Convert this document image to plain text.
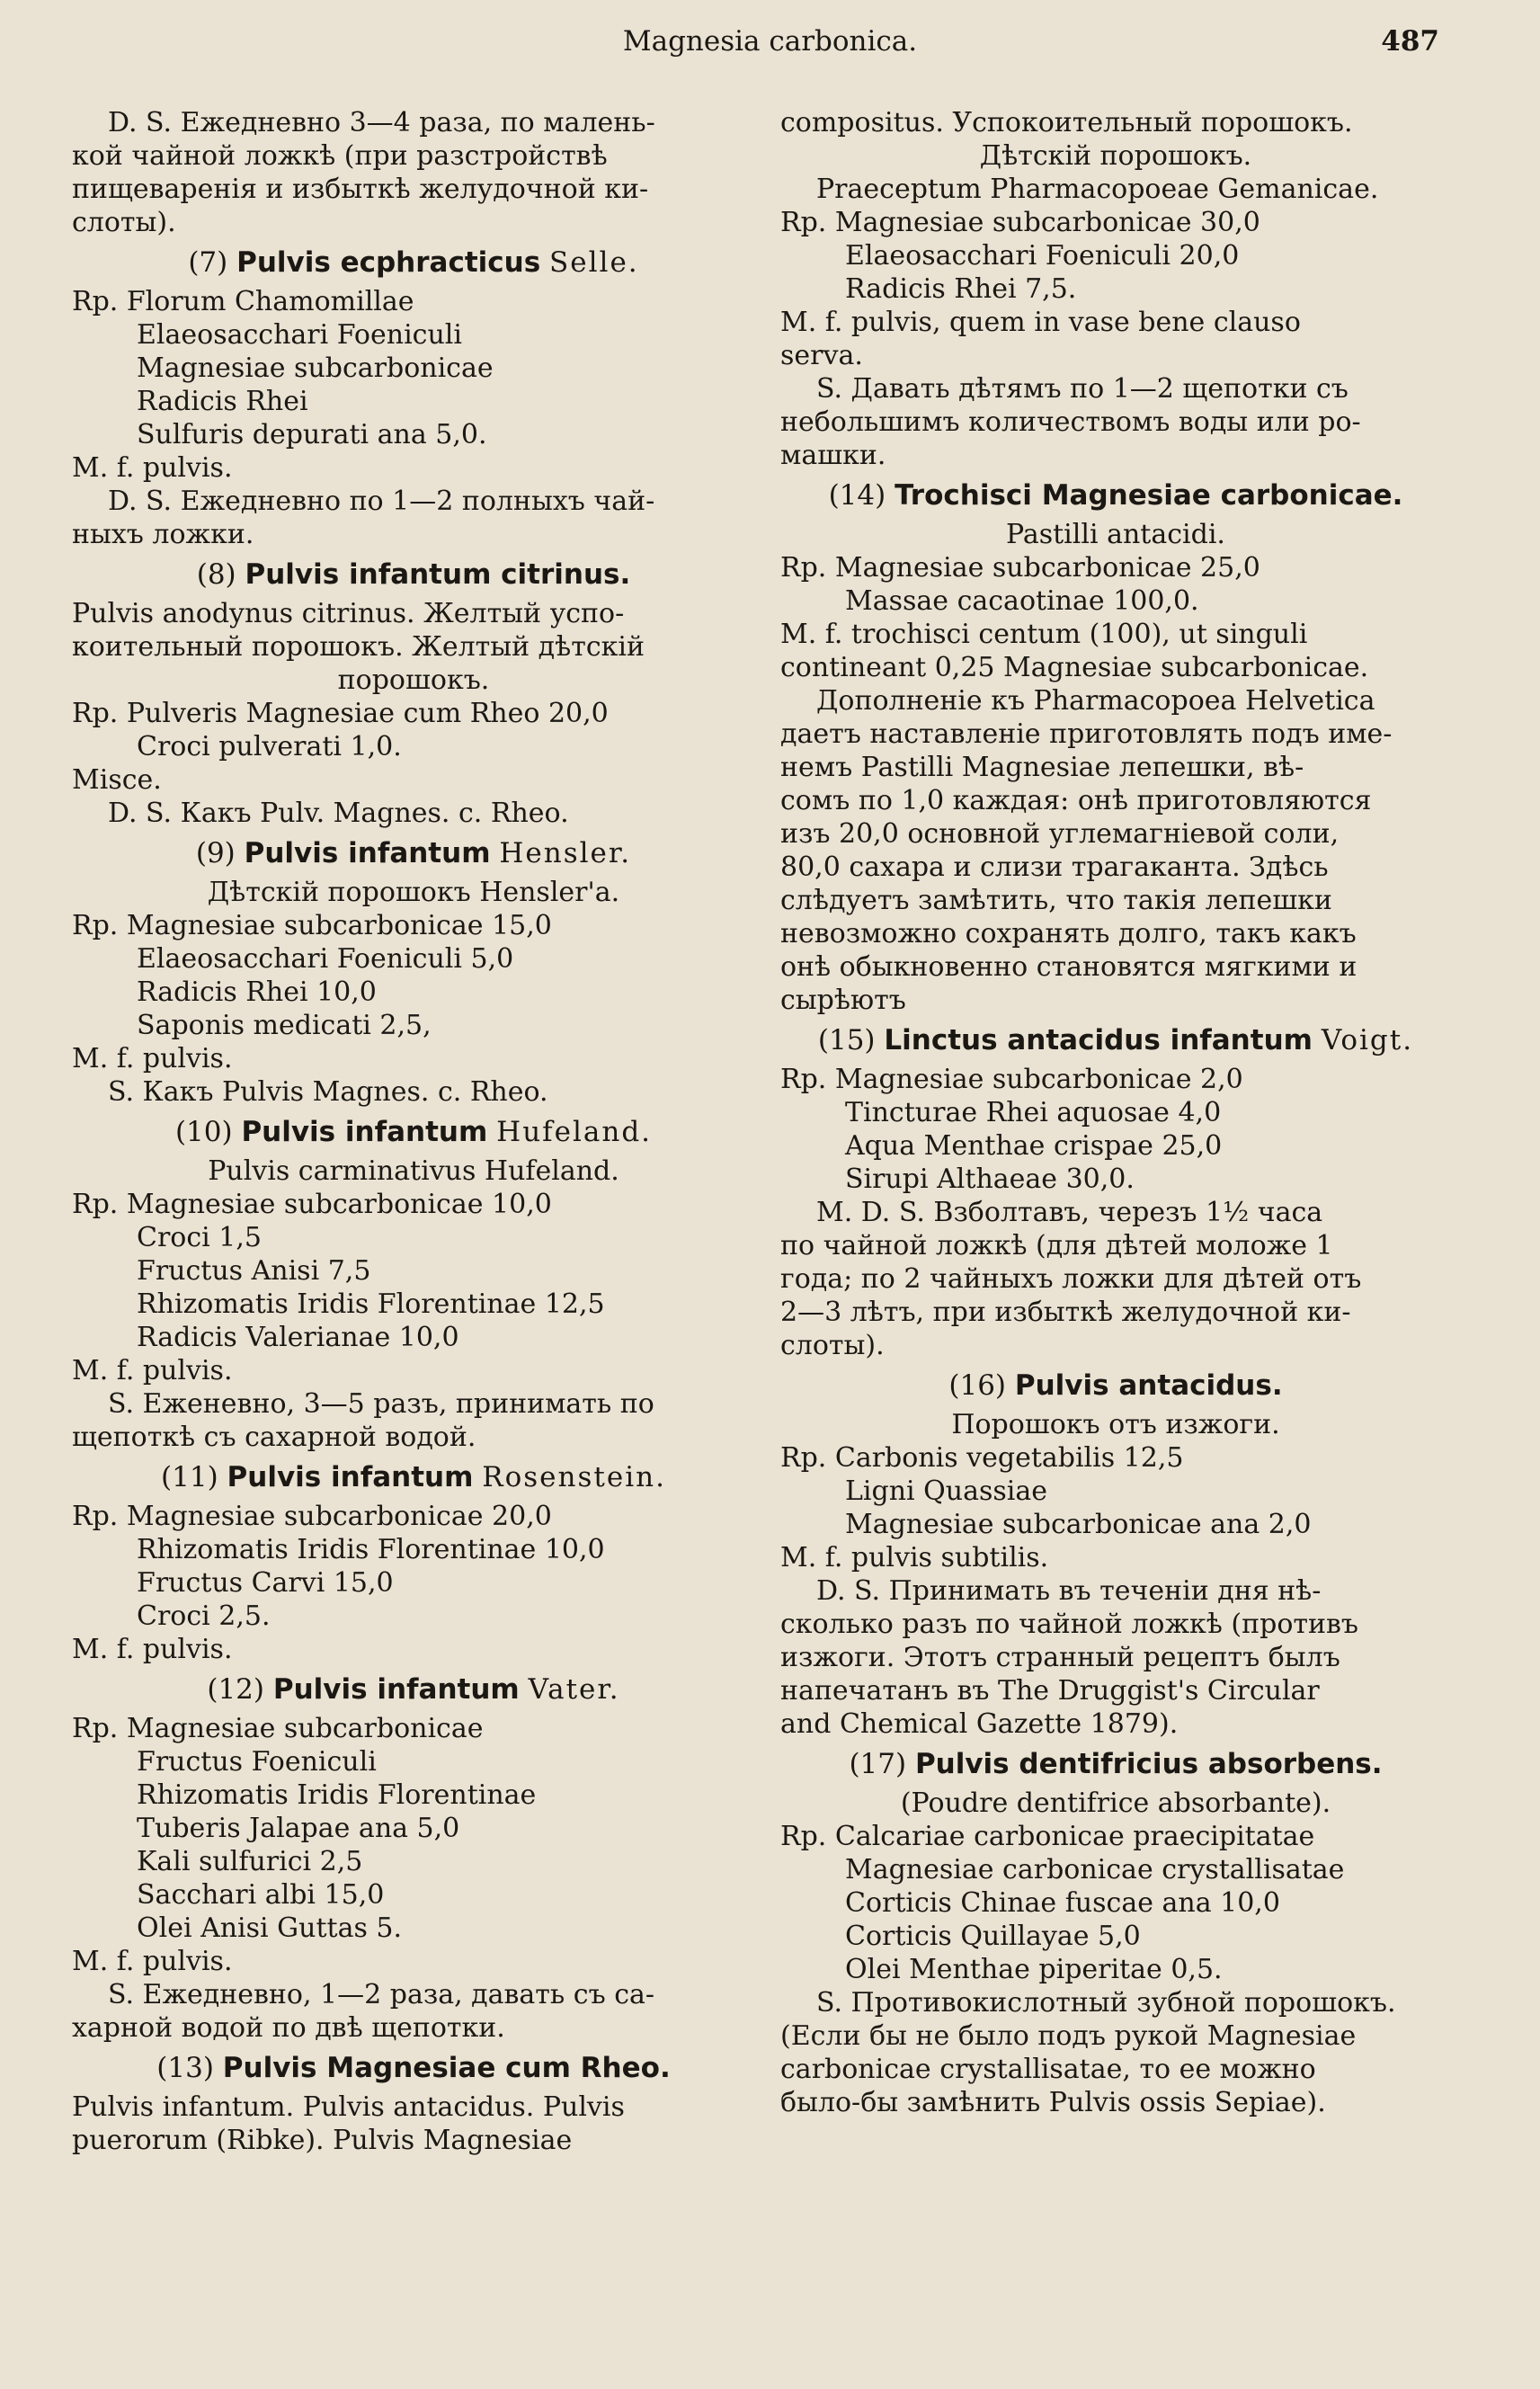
Magnesia carbonica.	487
D. S. Ежедневно 3—4 раза, по малень-
кой чайной ложкѣ (при разстройствѣ
пищеваренія и избыткѣ желудочной ки-
слоты).
(7) Pulvis ecphracticus Selle.
Rp. Florum Chamomillae
Elaeosacchari Foeniculi
Magnesiae subcarbonicae
Radicis Rhei
Sulfuris depurati ana 5,0.
M. f. pulvis.
D. S. Ежедневно по 1—2 полныхъ чай-
ныхъ ложки.
(8) Pulvis infantum citrinus.
Pulvis anodynus citrinus. Желтый успо-
коительный порошокъ. Желтый дѣтскій
порошокъ.
Rp. Pulveris Magnesiae cum Rheo 20,0
Croci pulverati 1,0.
Misce.
D. S. Какъ Pulv. Magnes. c. Rheo.
(9) Pulvis infantum Hensler.
Дѣтскій порошокъ Hensler'а.
Rp. Magnesiae subcarbonicae 15,0
Elaeosacchari Foeniculi 5,0
Radicis Rhei 10,0
Saponis medicati 2,5,
M. f. pulvis.
S. Какъ Pulvis Magnes. c. Rheo.
(10) Pulvis infantum Hufeland.
Pulvis carminativus Hufeland.
Rp. Magnesiae subcarbonicae 10,0
Croci 1,5
Fructus Anisi 7,5
Rhizomatis Iridis Florentinae 12,5
Radicis Valerianae 10,0
M. f. pulvis.
S. Еженевно, 3—5 разъ, принимать по
щепоткѣ съ сахарной водой.
(11) Pulvis infantum Rosenstein.
Rp. Magnesiae subcarbonicae 20,0
Rhizomatis Iridis Florentinae 10,0
Fructus Carvi 15,0
Croci 2,5.
M. f. pulvis.
(12) Pulvis infantum Vater.
Rp. Magnesiae subcarbonicae
Fructus Foeniculi
Rhizomatis Iridis Florentinae
Tuberis Jalapae ana 5,0
Kali sulfurici 2,5
Sacchari albi 15,0
Olei Anisi Guttas 5.
M. f. pulvis.
S. Ежедневно, 1—2 раза, давать съ са-
харной водой по двѣ щепотки.
(13) Pulvis Magnesiae cum Rheo.
Pulvis infantum. Pulvis antacidus. Pulvis
puerorum (Ribke). Pulvis Magnesiae
compositus. Успокоительный порошокъ.
Дѣтскій порошокъ.
Praeceptum Pharmacopoeae Gemanicae.
Rp. Magnesiae subcarbonicae 30,0
Elaeosacchari Foeniculi 20,0
Radicis Rhei 7,5.
M. f. pulvis, quem in vase bene clauso
serva.
S. Давать дѣтямъ по 1—2 щепотки съ
небольшимъ количествомъ воды или ро-
машки.
(14) Trochisci Magnesiae carbonicae.
Pastilli antacidi.
Rp. Magnesiae subcarbonicae 25,0
Massae cacaotinae 100,0.
M. f. trochisci centum (100), ut singuli
contineant 0,25 Magnesiae subcarbonicae.
Дополненіе къ Pharmacopoea Helvetica
даетъ наставленіе приготовлять подъ име-
немъ Pastilli Magnesiae лепешки, вѣ-
сомъ по 1,0 каждая: онѣ приготовляются
изъ 20,0 основной углемагніевой соли,
80,0 сахара и слизи трагаканта. Здѣсь
слѣдуетъ замѣтить, что такія лепешки
невозможно сохранять долго, такъ какъ
онѣ обыкновенно становятся мягкими и
сырѣютъ
(15) Linctus antacidus infantum Voigt.
Rp. Magnesiae subcarbonicae 2,0
Tincturae Rhei aquosae 4,0
Aqua Menthae crispae 25,0
Sirupi Althaeae 30,0.
M. D. S. Взболтавъ, черезъ 1½ часа
по чайной ложкѣ (для дѣтей моложе 1
года; по 2 чайныхъ ложки для дѣтей отъ
2—3 лѣтъ, при избыткѣ желудочной ки-
слоты).
(16) Pulvis antacidus.
Порошокъ отъ изжоги.
Rp. Carbonis vegetabilis 12,5
Ligni Quassiae
Magnesiae subcarbonicae ana 2,0
M. f. pulvis subtilis.
D. S. Принимать въ теченіи дня нѣ-
сколько разъ по чайной ложкѣ (противъ
изжоги. Этотъ странный рецептъ былъ
напечатанъ въ The Druggist's Circular
and Chemical Gazette 1879).
(17) Pulvis dentifricius absorbens.
(Poudre dentifrice absorbante).
Rp. Calcariae carbonicae praecipitatae
Magnesiae carbonicae crystallisatae
Corticis Chinae fuscae ana 10,0
Corticis Quillayae 5,0
Olei Menthae piperitae 0,5.
S. Противокислотный зубной порошокъ.
(Если бы не было подъ рукой Magnesiae
carbonicae crystallisatae, то ее можно
было-бы замѣнить Pulvis ossis Sepiae).
